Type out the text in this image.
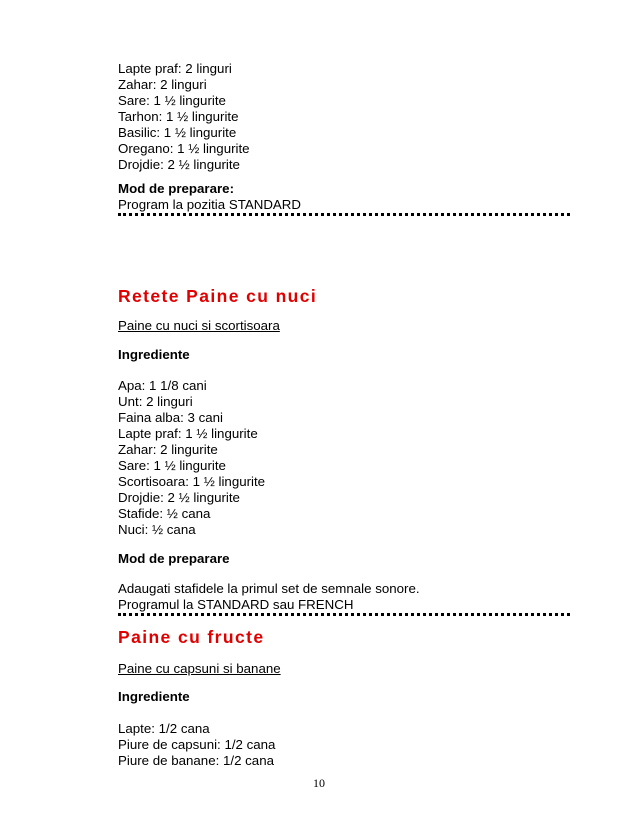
Lapte praf: 2 linguri
Zahar: 2 linguri
Sare: 1 ½ lingurite
Tarhon: 1 ½ lingurite
Basilic: 1 ½ lingurite
Oregano: 1 ½ lingurite
Drojdie: 2 ½ lingurite
Mod de preparare:
Program la pozitia STANDARD
Retete Paine cu nuci
Paine cu nuci si scortisoara
Ingrediente
Apa: 1 1/8 cani
Unt: 2 linguri
Faina alba: 3 cani
Lapte praf: 1 ½ lingurite
Zahar: 2 lingurite
Sare: 1 ½ lingurite
Scortisoara: 1 ½ lingurite
Drojdie: 2 ½ lingurite
Stafide: ½ cana
Nuci: ½ cana
Mod de preparare
Adaugati stafidele la primul set de semnale sonore.
Programul la STANDARD sau FRENCH
Paine cu fructe
Paine cu capsuni si banane
Ingrediente
Lapte: 1/2 cana
Piure de capsuni: 1/2 cana
Piure de banane: 1/2 cana
10
